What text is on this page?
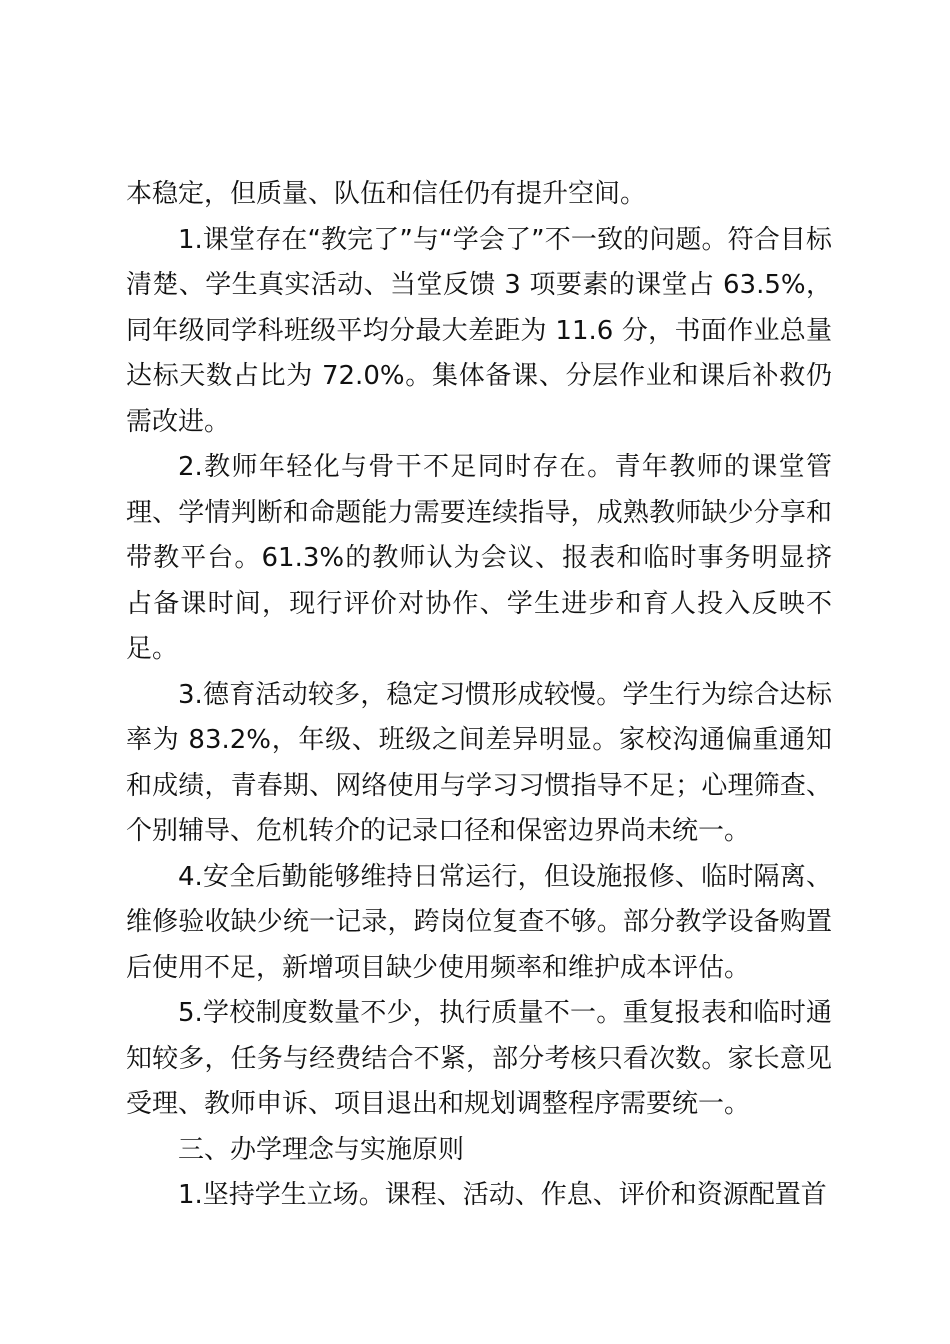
本稳定，但质量、队伍和信任仍有提升空间。

1.课堂存在“教完了”与“学会了”不一致的问题。符合目标清楚、学生真实活动、当堂反馈 3 项要素的课堂占 63.5%，同年级同学科班级平均分最大差距为 11.6 分，书面作业总量达标天数占比为 72.0%。集体备课、分层作业和课后补救仍需改进。

2.教师年轻化与骨干不足同时存在。青年教师的课堂管理、学情判断和命题能力需要连续指导，成熟教师缺少分享和带教平台。61.3%的教师认为会议、报表和临时事务明显挤占备课时间，现行评价对协作、学生进步和育人投入反映不足。

3.德育活动较多，稳定习惯形成较慢。学生行为综合达标率为 83.2%，年级、班级之间差异明显。家校沟通偏重通知和成绩，青春期、网络使用与学习习惯指导不足；心理筛查、个别辅导、危机转介的记录口径和保密边界尚未统一。

4.安全后勤能够维持日常运行，但设施报修、临时隔离、维修验收缺少统一记录，跨岗位复查不够。部分教学设备购置后使用不足，新增项目缺少使用频率和维护成本评估。

5.学校制度数量不少，执行质量不一。重复报表和临时通知较多，任务与经费结合不紧，部分考核只看次数。家长意见受理、教师申诉、项目退出和规划调整程序需要统一。

三、办学理念与实施原则

1.坚持学生立场。课程、活动、作息、评价和资源配置首
